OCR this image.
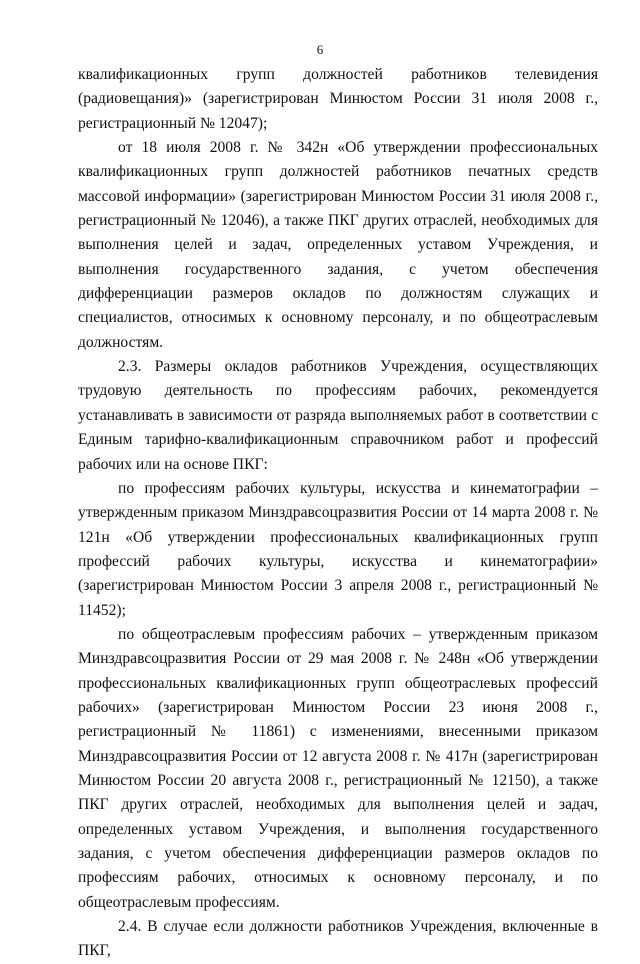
6

квалификационных групп должностей работников телевидения (радиовещания)» (зарегистрирован Минюстом России 31 июля 2008 г., регистрационный № 12047);

от 18 июля 2008 г. № 342н «Об утверждении профессиональных квалификационных групп должностей работников печатных средств массовой информации» (зарегистрирован Минюстом России 31 июля 2008 г., регистрационный № 12046), а также ПКГ других отраслей, необходимых для выполнения целей и задач, определенных уставом Учреждения, и выполнения государственного задания, с учетом обеспечения дифференциации размеров окладов по должностям служащих и специалистов, относимых к основному персоналу, и по общеотраслевым должностям.

2.3. Размеры окладов работников Учреждения, осуществляющих трудовую деятельность по профессиям рабочих, рекомендуется устанавливать в зависимости от разряда выполняемых работ в соответствии с Единым тарифно-квалификационным справочником работ и профессий рабочих или на основе ПКГ:

по профессиям рабочих культуры, искусства и кинематографии – утвержденным приказом Минздравсоцразвития России от 14 марта 2008 г. № 121н «Об утверждении профессиональных квалификационных групп профессий рабочих культуры, искусства и кинематографии» (зарегистрирован Минюстом России 3 апреля 2008 г., регистрационный № 11452);

по общеотраслевым профессиям рабочих – утвержденным приказом Минздравсоцразвития России от 29 мая 2008 г. № 248н «Об утверждении профессиональных квалификационных групп общеотраслевых профессий рабочих» (зарегистрирован Минюстом России 23 июня 2008 г., регистрационный № 11861) с изменениями, внесенными приказом Минздравсоцразвития России от 12 августа 2008 г. № 417н (зарегистрирован Минюстом России 20 августа 2008 г., регистрационный № 12150), а также ПКГ других отраслей, необходимых для выполнения целей и задач, определенных уставом Учреждения, и выполнения государственного задания, с учетом обеспечения дифференциации размеров окладов по профессиям рабочих, относимых к основному персоналу, и по общеотраслевым профессиям.

2.4. В случае если должности работников Учреждения, включенные в ПКГ,
